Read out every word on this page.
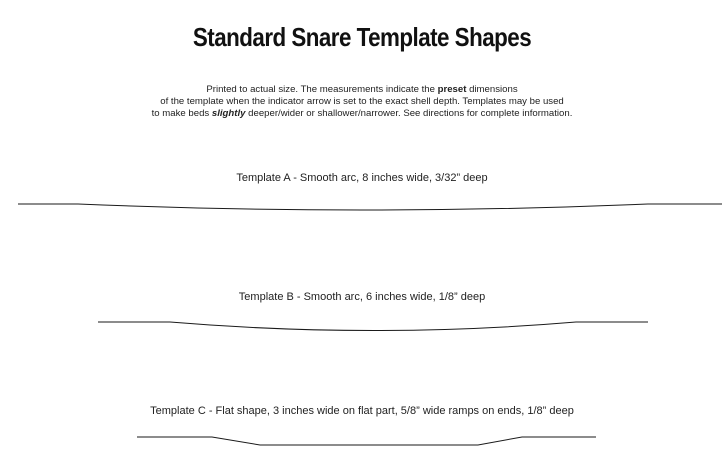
Standard Snare Template Shapes
Printed to actual size. The measurements indicate the preset dimensions
of the template when the indicator arrow is set to the exact shell depth. Templates may be used
to make beds slightly deeper/wider or shallower/narrower. See directions for complete information.
Template A - Smooth arc, 8 inches wide, 3/32” deep
Template B - Smooth arc, 6 inches wide, 1/8” deep
Template C - Flat shape, 3 inches wide on flat part, 5/8” wide ramps on ends, 1/8” deep
